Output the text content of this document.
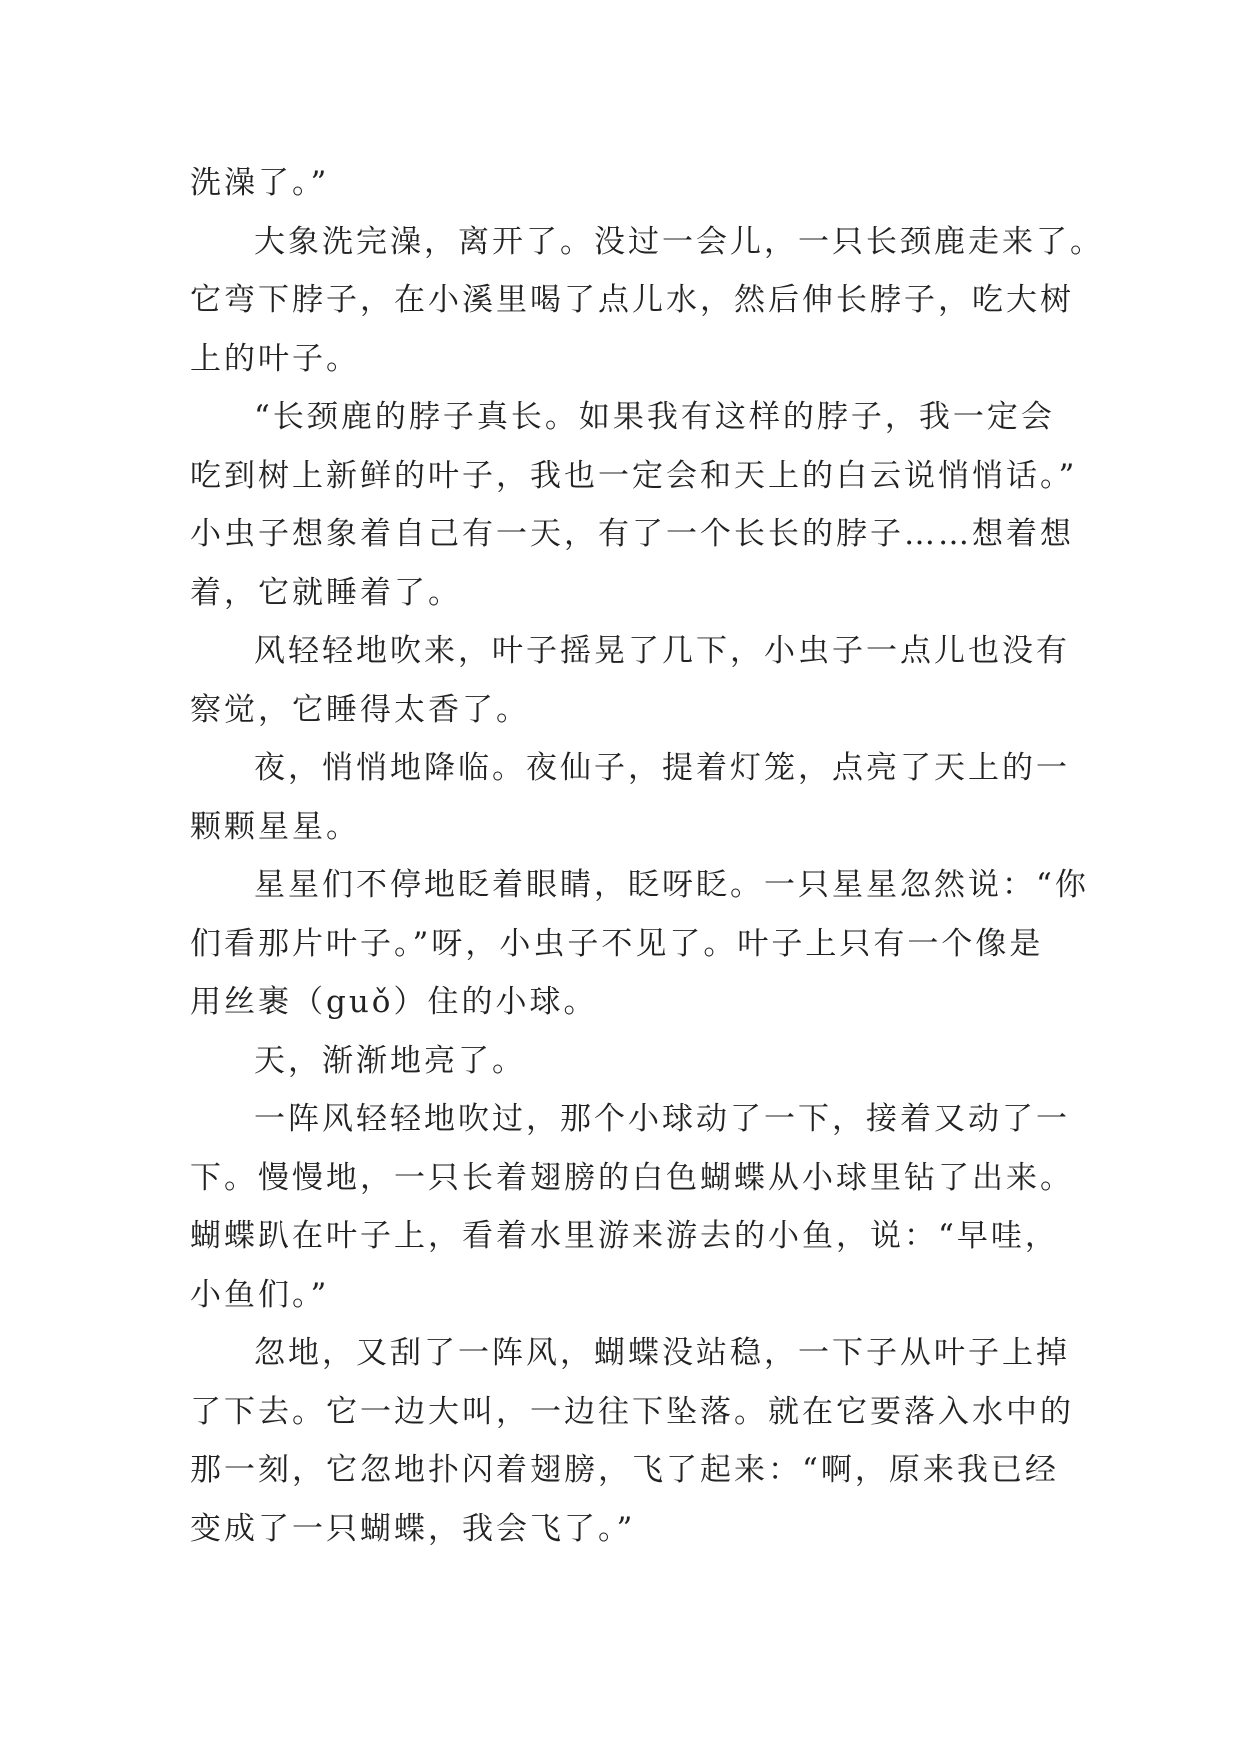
洗澡了。”
大象洗完澡，离开了。没过一会儿，一只长颈鹿走来了。
它弯下脖子，在小溪里喝了点儿水，然后伸长脖子，吃大树
上的叶子。
“长颈鹿的脖子真长。如果我有这样的脖子，我一定会
吃到树上新鲜的叶子，我也一定会和天上的白云说悄悄话。”
小虫子想象着自己有一天，有了一个长长的脖子……想着想
着，它就睡着了。
风轻轻地吹来，叶子摇晃了几下，小虫子一点儿也没有
察觉，它睡得太香了。
夜，悄悄地降临。夜仙子，提着灯笼，点亮了天上的一
颗颗星星。
星星们不停地眨着眼睛，眨呀眨。一只星星忽然说：“你
们看那片叶子。”呀，小虫子不见了。叶子上只有一个像是
用丝裹（guǒ）住的小球。
天，渐渐地亮了。
一阵风轻轻地吹过，那个小球动了一下，接着又动了一
下。慢慢地，一只长着翅膀的白色蝴蝶从小球里钻了出来。
蝴蝶趴在叶子上，看着水里游来游去的小鱼，说：“早哇，
小鱼们。”
忽地，又刮了一阵风，蝴蝶没站稳，一下子从叶子上掉
了下去。它一边大叫，一边往下坠落。就在它要落入水中的
那一刻，它忽地扑闪着翅膀，飞了起来：“啊，原来我已经
变成了一只蝴蝶，我会飞了。”
